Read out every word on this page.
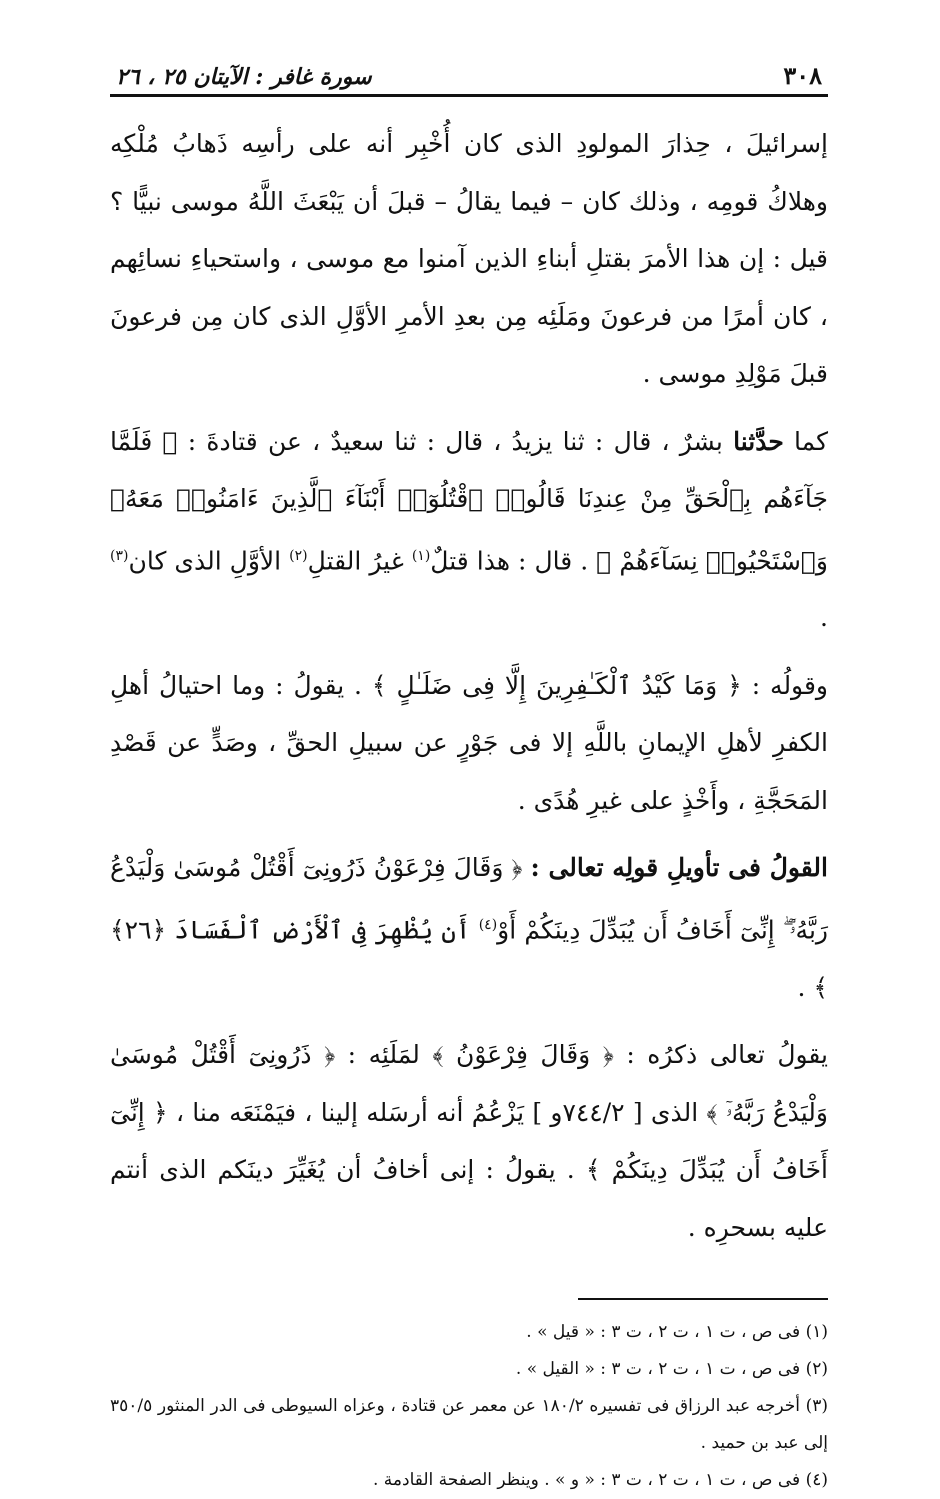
٣٠٨
سورة غافر : الآيتان ٢٥ ، ٢٦

إسرائيلَ ، حِذارَ المولودِ الذى كان أُخْبِر أنه على رأسِه ذَهابُ مُلْكِه وهلاكُ قومِه ، وذلك كان – فيما يقالُ – قبلَ أن يَبْعَثَ اللَّهُ موسى نبيًّا ؟ قيل : إن هذا الأمرَ بقتلِ أبناءِ الذين آمنوا مع موسى ، واستحياءِ نسائِهم ، كان أمرًا من فرعونَ ومَلَئِه مِن بعدِ الأمرِ الأوَّلِ الذى كان مِن فرعونَ قبلَ مَوْلِدِ موسى .

كما حدَّثنا بشرٌ ، قال : ثنا يزيدُ ، قال : ثنا سعيدٌ ، عن قتادةَ : ﴿ فَلَمَّا جَآءَهُم بِٱلْحَقِّ مِنْ عِندِنَا قَالُوا۟ ٱقْتُلُوٓا۟ أَبْنَآءَ ٱلَّذِينَ ءَامَنُوا۟ مَعَهُۥ وَٱسْتَحْيُوا۟ نِسَآءَهُمْ ﴾ . قال : هذا قتلٌ$^{(١)}$ غيرُ القتلِ$^{(٢)}$ الأوَّلِ الذى كان$^{(٣)}$ .

وقولُه : ﴿ وَمَا كَيْدُ ٱلْكَـٰفِرِينَ إِلَّا فِى ضَلَـٰلٍ ﴾ . يقولُ : وما احتيالُ أهلِ الكفرِ لأهلِ الإيمانِ باللَّهِ إلا فى جَوْرٍ عن سبيلِ الحقِّ ، وصَدٍّ عن قَصْدِ المَحَجَّةِ ، وأَخْذٍ على غيرِ هُدًى .

القولُ فى تأويلِ قولِه تعالى : ﴿ وَقَالَ فِرْعَوْنُ ذَرُونِىٓ أَقْتُلْ مُوسَىٰ وَلْيَدْعُ رَبَّهُۥٓ ۖ إِنِّىٓ أَخَافُ أَن يُبَدِّلَ دِينَكُمْ أَوْ$^{(٤)}$ أَن يُظْهِرَ فِى ٱلْأَرْضِ ٱلْفَسَادَ ﴿٢٦﴾ ﴾ .

يقولُ تعالى ذكرُه : ﴿ وَقَالَ فِرْعَوْنُ ﴾ لمَلَئِه : ﴿ ذَرُونِىٓ أَقْتُلْ مُوسَىٰ وَلْيَدْعُ رَبَّهُۥٓ ﴾ الذى [ ٧٤٤/٢و ] يَزْعُمُ أنه أرسَله إلينا ، فيَمْنَعَه منا ، ﴿ إِنِّىٓ أَخَافُ أَن يُبَدِّلَ دِينَكُمْ ﴾ . يقولُ : إنى أخافُ أن يُغَيِّرَ دينَكم الذى أنتم عليه بسحرِه .

(١) فى ص ، ت ١ ، ت ٢ ، ت ٣ : « قيل » .

(٢) فى ص ، ت ١ ، ت ٢ ، ت ٣ : « القيل » .

(٣) أخرجه عبد الرزاق فى تفسيره ١٨٠/٢ عن معمر عن قتادة ، وعزاه السيوطى فى الدر المنثور ٣٥٠/٥ إلى عبد بن حميد .

(٤) فى ص ، ت ١ ، ت ٢ ، ت ٣ : « و » . وينظر الصفحة القادمة .
